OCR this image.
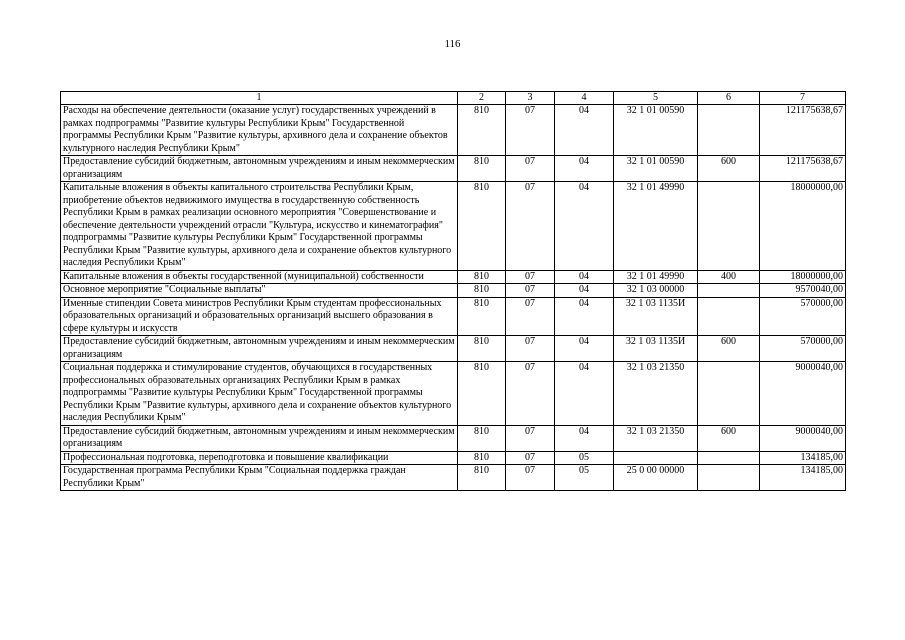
116
1	2	3	4	5	6	7
Расходы на обеспечение деятельности (оказание услуг) государственных учреждений в рамках подпрограммы "Развитие культуры Республики Крым" Государственной программы Республики Крым "Развитие культуры, архивного дела и сохранение объектов культурного наследия Республики Крым"	810	07	04	32 1 01 00590		121175638,67
Предоставление субсидий бюджетным, автономным учреждениям и иным некоммерческим организациям	810	07	04	32 1 01 00590	600	121175638,67
Капитальные вложения в объекты капитального строительства Республики Крым, приобретение объектов недвижимого имущества в государственную собственность Республики Крым в рамках реализации основного мероприятия "Совершенствование и обеспечение деятельности учреждений отрасли "Культура, искусство и кинематография" подпрограммы "Развитие культуры Республики Крым" Государственной программы Республики Крым "Развитие культуры, архивного дела и сохранение объектов культурного наследия Республики Крым"	810	07	04	32 1 01 49990		18000000,00
Капитальные вложения в объекты государственной (муниципальной) собственности	810	07	04	32 1 01 49990	400	18000000,00
Основное мероприятие "Социальные выплаты"	810	07	04	32 1 03 00000		9570040,00
Именные стипендии Совета министров Республики Крым студентам профессиональных образовательных организаций и образовательных организаций высшего образования в сфере культуры и искусств	810	07	04	32 1 03 1135И		570000,00
Предоставление субсидий бюджетным, автономным учреждениям и иным некоммерческим организациям	810	07	04	32 1 03 1135И	600	570000,00
Социальная поддержка и стимулирование студентов, обучающихся в государственных профессиональных образовательных организациях Республики Крым в рамках подпрограммы "Развитие культуры Республики Крым" Государственной программы Республики Крым "Развитие культуры, архивного дела и сохранение объектов культурного наследия Республики Крым"	810	07	04	32 1 03 21350		9000040,00
Предоставление субсидий бюджетным, автономным учреждениям и иным некоммерческим организациям	810	07	04	32 1 03 21350	600	9000040,00
Профессиональная подготовка, переподготовка и повышение квалификации	810	07	05			134185,00
Государственная программа Республики Крым "Социальная поддержка граждан Республики Крым"	810	07	05	25 0 00 00000		134185,00
